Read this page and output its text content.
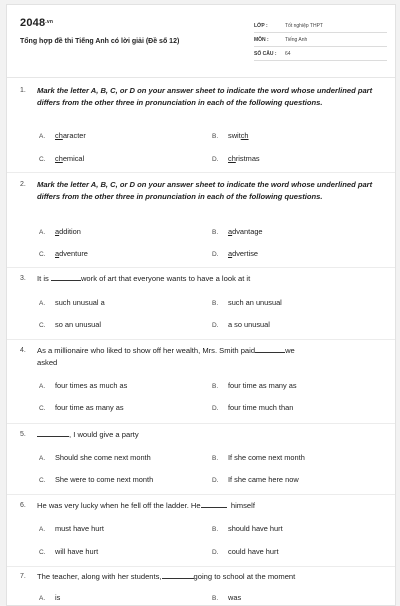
$2048^{.vn}$
Tổng hợp đề thi Tiếng Anh có lời giải (Đề số 12)
LỚP :	Tốt nghiệp THPT
MÔN :	Tiếng Anh
SỐ CÂU :	64
1. Mark the letter A, B, C, or D on your answer sheet to indicate the word whose underlined part differs from the other three in pronunciation in each of the following questions.
A. character	B. switch
C. chemical	D. christmas
2. Mark the letter A, B, C, or D on your answer sheet to indicate the word whose underlined part differs from the other three in pronunciation in each of the following questions.
A. addition	B. advantage
C. adventure	D. advertise
3. It is	work of art that everyone wants to have a look at it
A. such unusual a	B. such an unusual
C. so an unusual	D. a so unusual
4. As a millionaire who liked to show off her wealth, Mrs. Smith paid	we
asked
A. four times as much as	B. four time as many as
C. four time as many as	D. four time much than
5.	, I would give a party
A. Should she come next month	B. If she come next month
C. She were to come next month	D. If she came here now
6. He was very lucky when he fell off the ladder. He	himself
A. must have hurt	B. should have hurt
C. will have hurt	D. could have hurt
7. The teacher, along with her students,	going to school at the moment
A. is	B. was
